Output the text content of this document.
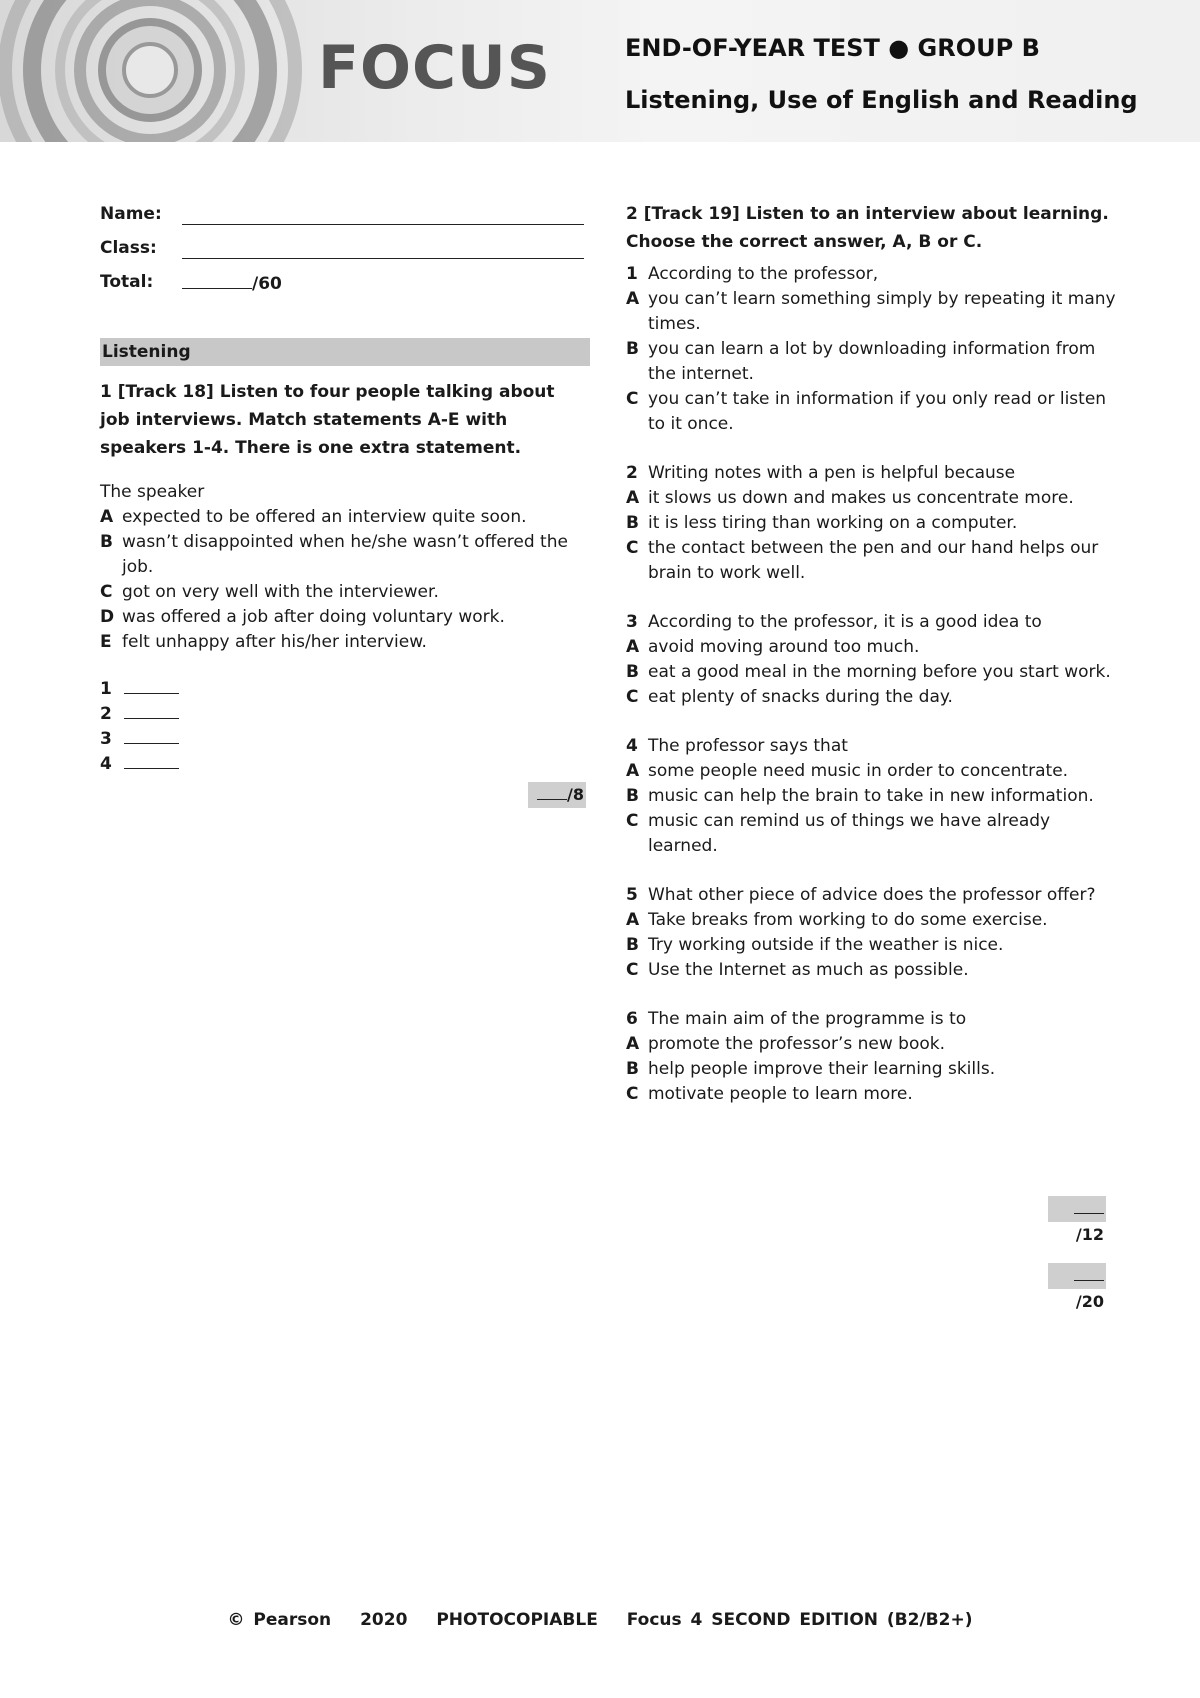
FOCUS	END-OF-YEAR TEST ● GROUP B
Listening, Use of English and Reading
Name:
Class:
Total:	/60
Listening
1 [Track 18] Listen to four people talking about job interviews. Match statements A-E with speakers 1-4. There is one extra statement.
The speaker
A expected to be offered an interview quite soon.
B wasn’t disappointed when he/she wasn’t offered the job.
C got on very well with the interviewer.
D was offered a job after doing voluntary work.
E felt unhappy after his/her interview.
1
2
3
4
/8
2 [Track 19] Listen to an interview about learning. Choose the correct answer, A, B or C.
1 According to the professor,
A you can’t learn something simply by repeating it many times.
B you can learn a lot by downloading information from the internet.
C you can’t take in information if you only read or listen to it once.
2 Writing notes with a pen is helpful because
A it slows us down and makes us concentrate more.
B it is less tiring than working on a computer.
C the contact between the pen and our hand helps our brain to work well.
3 According to the professor, it is a good idea to
A avoid moving around too much.
B eat a good meal in the morning before you start work.
C eat plenty of snacks during the day.
4 The professor says that
A some people need music in order to concentrate.
B music can help the brain to take in new information.
C music can remind us of things we have already learned.
5 What other piece of advice does the professor offer?
A Take breaks from working to do some exercise.
B Try working outside if the weather is nice.
C Use the Internet as much as possible.
6 The main aim of the programme is to
A promote the professor’s new book.
B help people improve their learning skills.
C motivate people to learn more.
/12
/20
© Pearson 2020 PHOTOCOPIABLE Focus 4 SECOND EDITION (B2/B2+)
